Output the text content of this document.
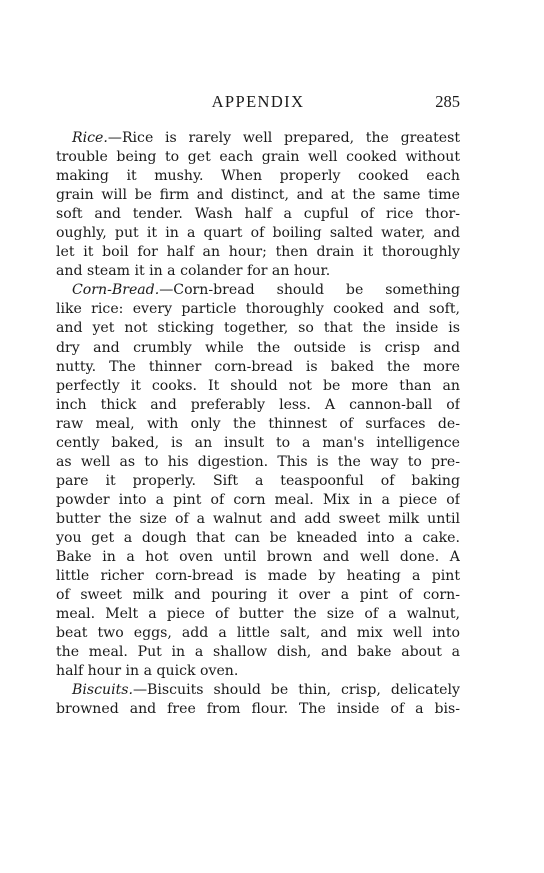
APPENDIX	285
Rice.—Rice is rarely well prepared, the greatest
trouble being to get each grain well cooked without
making it mushy. When properly cooked each
grain will be firm and distinct, and at the same time
soft and tender. Wash half a cupful of rice thor-
oughly, put it in a quart of boiling salted water, and
let it boil for half an hour; then drain it thoroughly
and steam it in a colander for an hour.
Corn-Bread.—Corn-bread should be something
like rice: every particle thoroughly cooked and soft,
and yet not sticking together, so that the inside is
dry and crumbly while the outside is crisp and
nutty. The thinner corn-bread is baked the more
perfectly it cooks. It should not be more than an
inch thick and preferably less. A cannon-ball of
raw meal, with only the thinnest of surfaces de-
cently baked, is an insult to a man's intelligence
as well as to his digestion. This is the way to pre-
pare it properly. Sift a teaspoonful of baking
powder into a pint of corn meal. Mix in a piece of
butter the size of a walnut and add sweet milk until
you get a dough that can be kneaded into a cake.
Bake in a hot oven until brown and well done. A
little richer corn-bread is made by heating a pint
of sweet milk and pouring it over a pint of corn-
meal. Melt a piece of butter the size of a walnut,
beat two eggs, add a little salt, and mix well into
the meal. Put in a shallow dish, and bake about a
half hour in a quick oven.
Biscuits.—Biscuits should be thin, crisp, delicately
browned and free from flour. The inside of a bis-
